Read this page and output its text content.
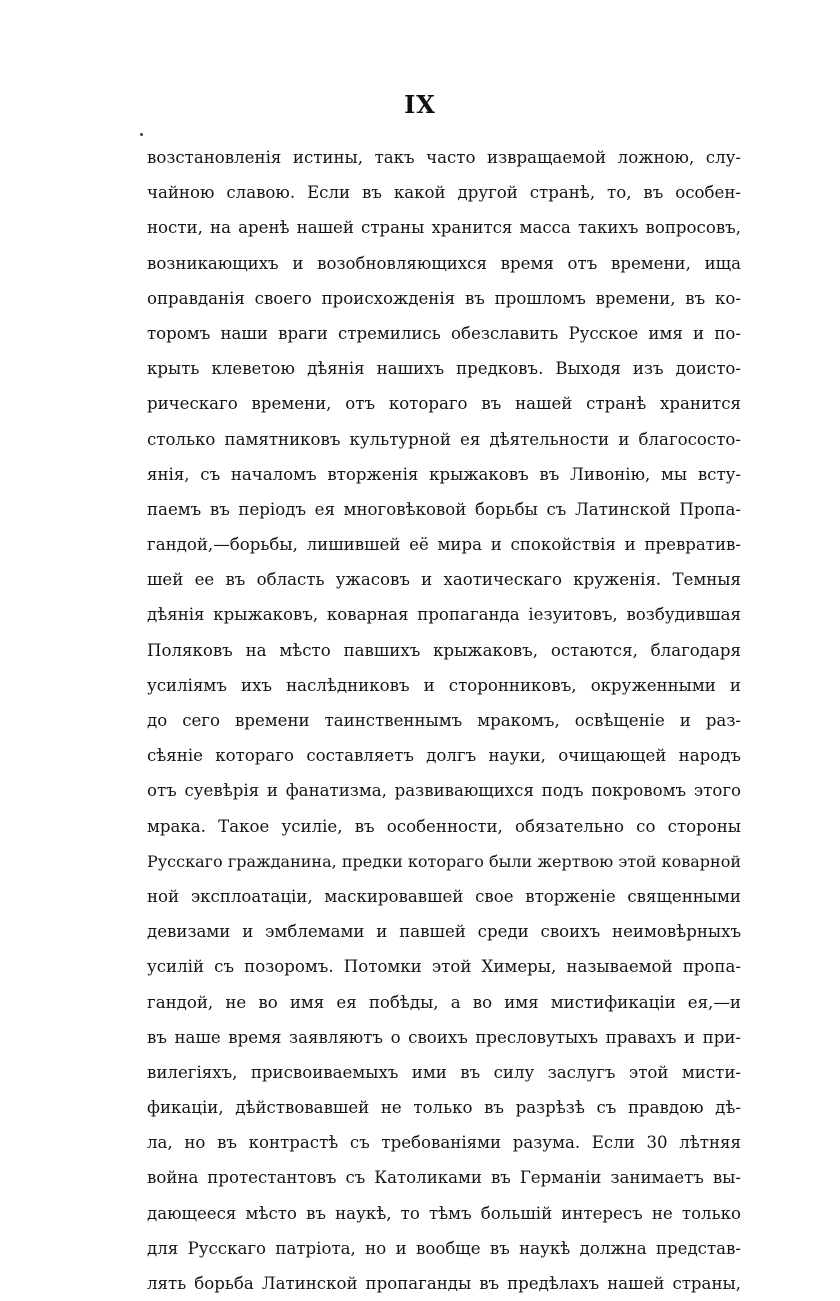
IX
возстановленія истины, такъ часто извращаемой ложною, слу-
чайною славою. Если въ какой другой странѣ, то, въ особен-
ности, на аренѣ нашей страны хранится масса такихъ вопросовъ,
возникающихъ и возобновляющихся время отъ времени, ища
оправданія своего происхожденія въ прошломъ времени, въ ко-
торомъ наши враги стремились обезславить Русское имя и по-
крыть клеветою дѣянія нашихъ предковъ. Выходя изъ доисто-
рическаго времени, отъ котораго въ нашей странѣ хранится
столько памятниковъ культурной ея дѣятельности и благососто-
янія, съ началомъ вторженія крыжаковъ въ Ливонію, мы всту-
паемъ въ періодъ ея многовѣковой борьбы съ Латинской Пропа-
гандой,—борьбы, лишившей её мира и спокойствія и превратив-
шей ее въ область ужасовъ и хаотическаго круженія. Темныя
дѣянія крыжаковъ, коварная пропаганда іезуитовъ, возбудившая
Поляковъ на мѣсто павшихъ крыжаковъ, остаются, благодаря
усиліямъ ихъ наслѣдниковъ и сторонниковъ, окруженными и
до сего времени таинственнымъ мракомъ, освѣщеніе и раз-
сѣяніе котораго составляетъ долгъ науки, очищающей народъ
отъ суевѣрія и фанатизма, развивающихся подъ покровомъ этого
мрака. Такое усиліе, въ особенности, обязательно со стороны
Русскаго гражданина, предки котораго были жертвою этой коварной
ной эксплоатаціи, маскировавшей свое вторженіе священными
девизами и эмблемами и павшей среди своихъ неимовѣрныхъ
усилій съ позоромъ. Потомки этой Химеры, называемой пропа-
гандой, не во имя ея побѣды, а во имя мистификаціи ея,—и
въ наше время заявляютъ о своихъ пресловутыхъ правахъ и при-
вилегіяхъ, присвоиваемыхъ ими въ силу заслугъ этой мисти-
фикаціи, дѣйствовавшей не только въ разрѣзѣ съ правдою дѣ-
ла, но въ контрастѣ съ требованіями разума. Если 30 лѣтняя
война протестантовъ съ Католиками въ Германіи занимаетъ вы-
дающееся мѣсто въ наукѣ, то тѣмъ большій интересъ не только
для Русскаго патріота, но и вообще въ наукѣ должна представ-
лять борьба Латинской пропаганды въ предѣлахъ нашей страны,
